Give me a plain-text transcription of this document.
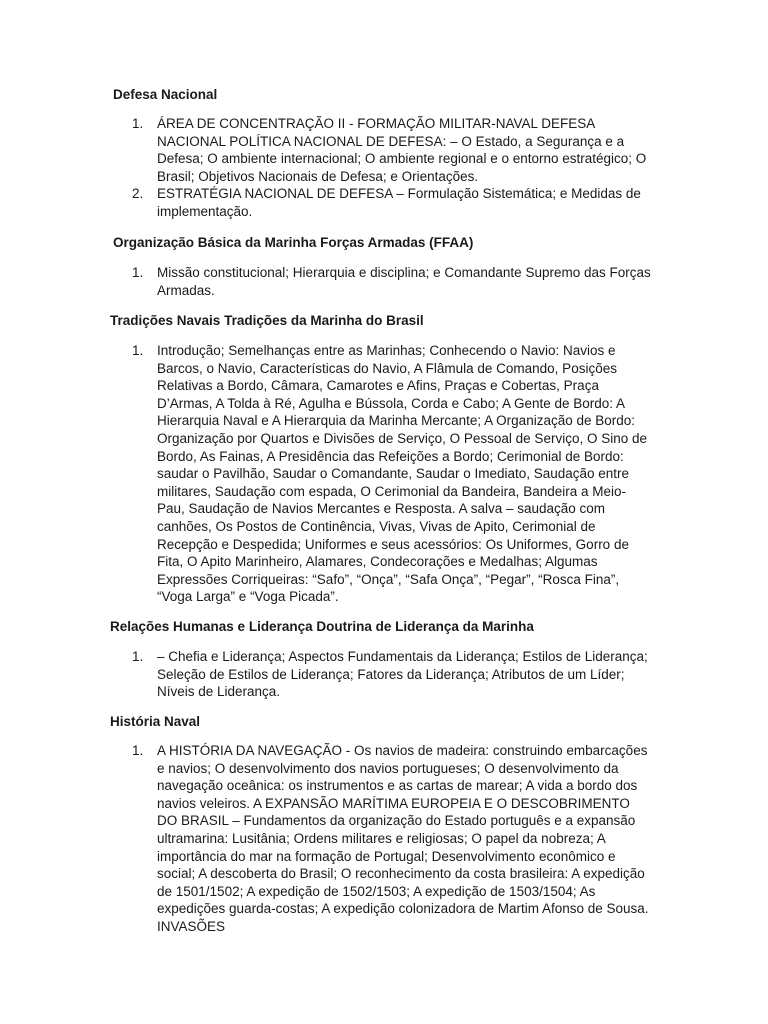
Defesa Nacional
1. ÁREA DE CONCENTRAÇÃO II - FORMAÇÃO MILITAR-NAVAL DEFESA NACIONAL POLÍTICA NACIONAL DE DEFESA: – O Estado, a Segurança e a Defesa; O ambiente internacional; O ambiente regional e o entorno estratégico; O Brasil; Objetivos Nacionais de Defesa; e Orientações.
2. ESTRATÉGIA NACIONAL DE DEFESA – Formulação Sistemática; e Medidas de implementação.
Organização Básica da Marinha Forças Armadas (FFAA)
1. Missão constitucional; Hierarquia e disciplina; e Comandante Supremo das Forças Armadas.
Tradições Navais Tradições da Marinha do Brasil
1. Introdução; Semelhanças entre as Marinhas; Conhecendo o Navio: Navios e Barcos, o Navio, Características do Navio, A Flâmula de Comando, Posições Relativas a Bordo, Câmara, Camarotes e Afins, Praças e Cobertas, Praça D’Armas, A Tolda à Ré, Agulha e Bússola, Corda e Cabo; A Gente de Bordo: A Hierarquia Naval e A Hierarquia da Marinha Mercante; A Organização de Bordo: Organização por Quartos e Divisões de Serviço, O Pessoal de Serviço, O Sino de Bordo, As Fainas, A Presidência das Refeições a Bordo; Cerimonial de Bordo: saudar o Pavilhão, Saudar o Comandante, Saudar o Imediato, Saudação entre militares, Saudação com espada, O Cerimonial da Bandeira, Bandeira a Meio-Pau, Saudação de Navios Mercantes e Resposta. A salva – saudação com canhões, Os Postos de Continência, Vivas, Vivas de Apito, Cerimonial de Recepção e Despedida; Uniformes e seus acessórios: Os Uniformes, Gorro de Fita, O Apito Marinheiro, Alamares, Condecorações e Medalhas; Algumas Expressões Corriqueiras: “Safo”, “Onça”, “Safa Onça”, “Pegar”, “Rosca Fina”, “Voga Larga” e “Voga Picada”.
Relações Humanas e Liderança Doutrina de Liderança da Marinha
1. – Chefia e Liderança; Aspectos Fundamentais da Liderança; Estilos de Liderança; Seleção de Estilos de Liderança; Fatores da Liderança; Atributos de um Líder; Níveis de Liderança.
História Naval
1. A HISTÓRIA DA NAVEGAÇÃO - Os navios de madeira: construindo embarcações e navios; O desenvolvimento dos navios portugueses; O desenvolvimento da navegação oceânica: os instrumentos e as cartas de marear; A vida a bordo dos navios veleiros. A EXPANSÃO MARÍTIMA EUROPEIA E O DESCOBRIMENTO DO BRASIL – Fundamentos da organização do Estado português e a expansão ultramarina: Lusitânia; Ordens militares e religiosas; O papel da nobreza; A importância do mar na formação de Portugal; Desenvolvimento econômico e social; A descoberta do Brasil; O reconhecimento da costa brasileira: A expedição de 1501/1502; A expedição de 1502/1503; A expedição de 1503/1504; As expedições guarda-costas; A expedição colonizadora de Martim Afonso de Sousa. INVASÕES
